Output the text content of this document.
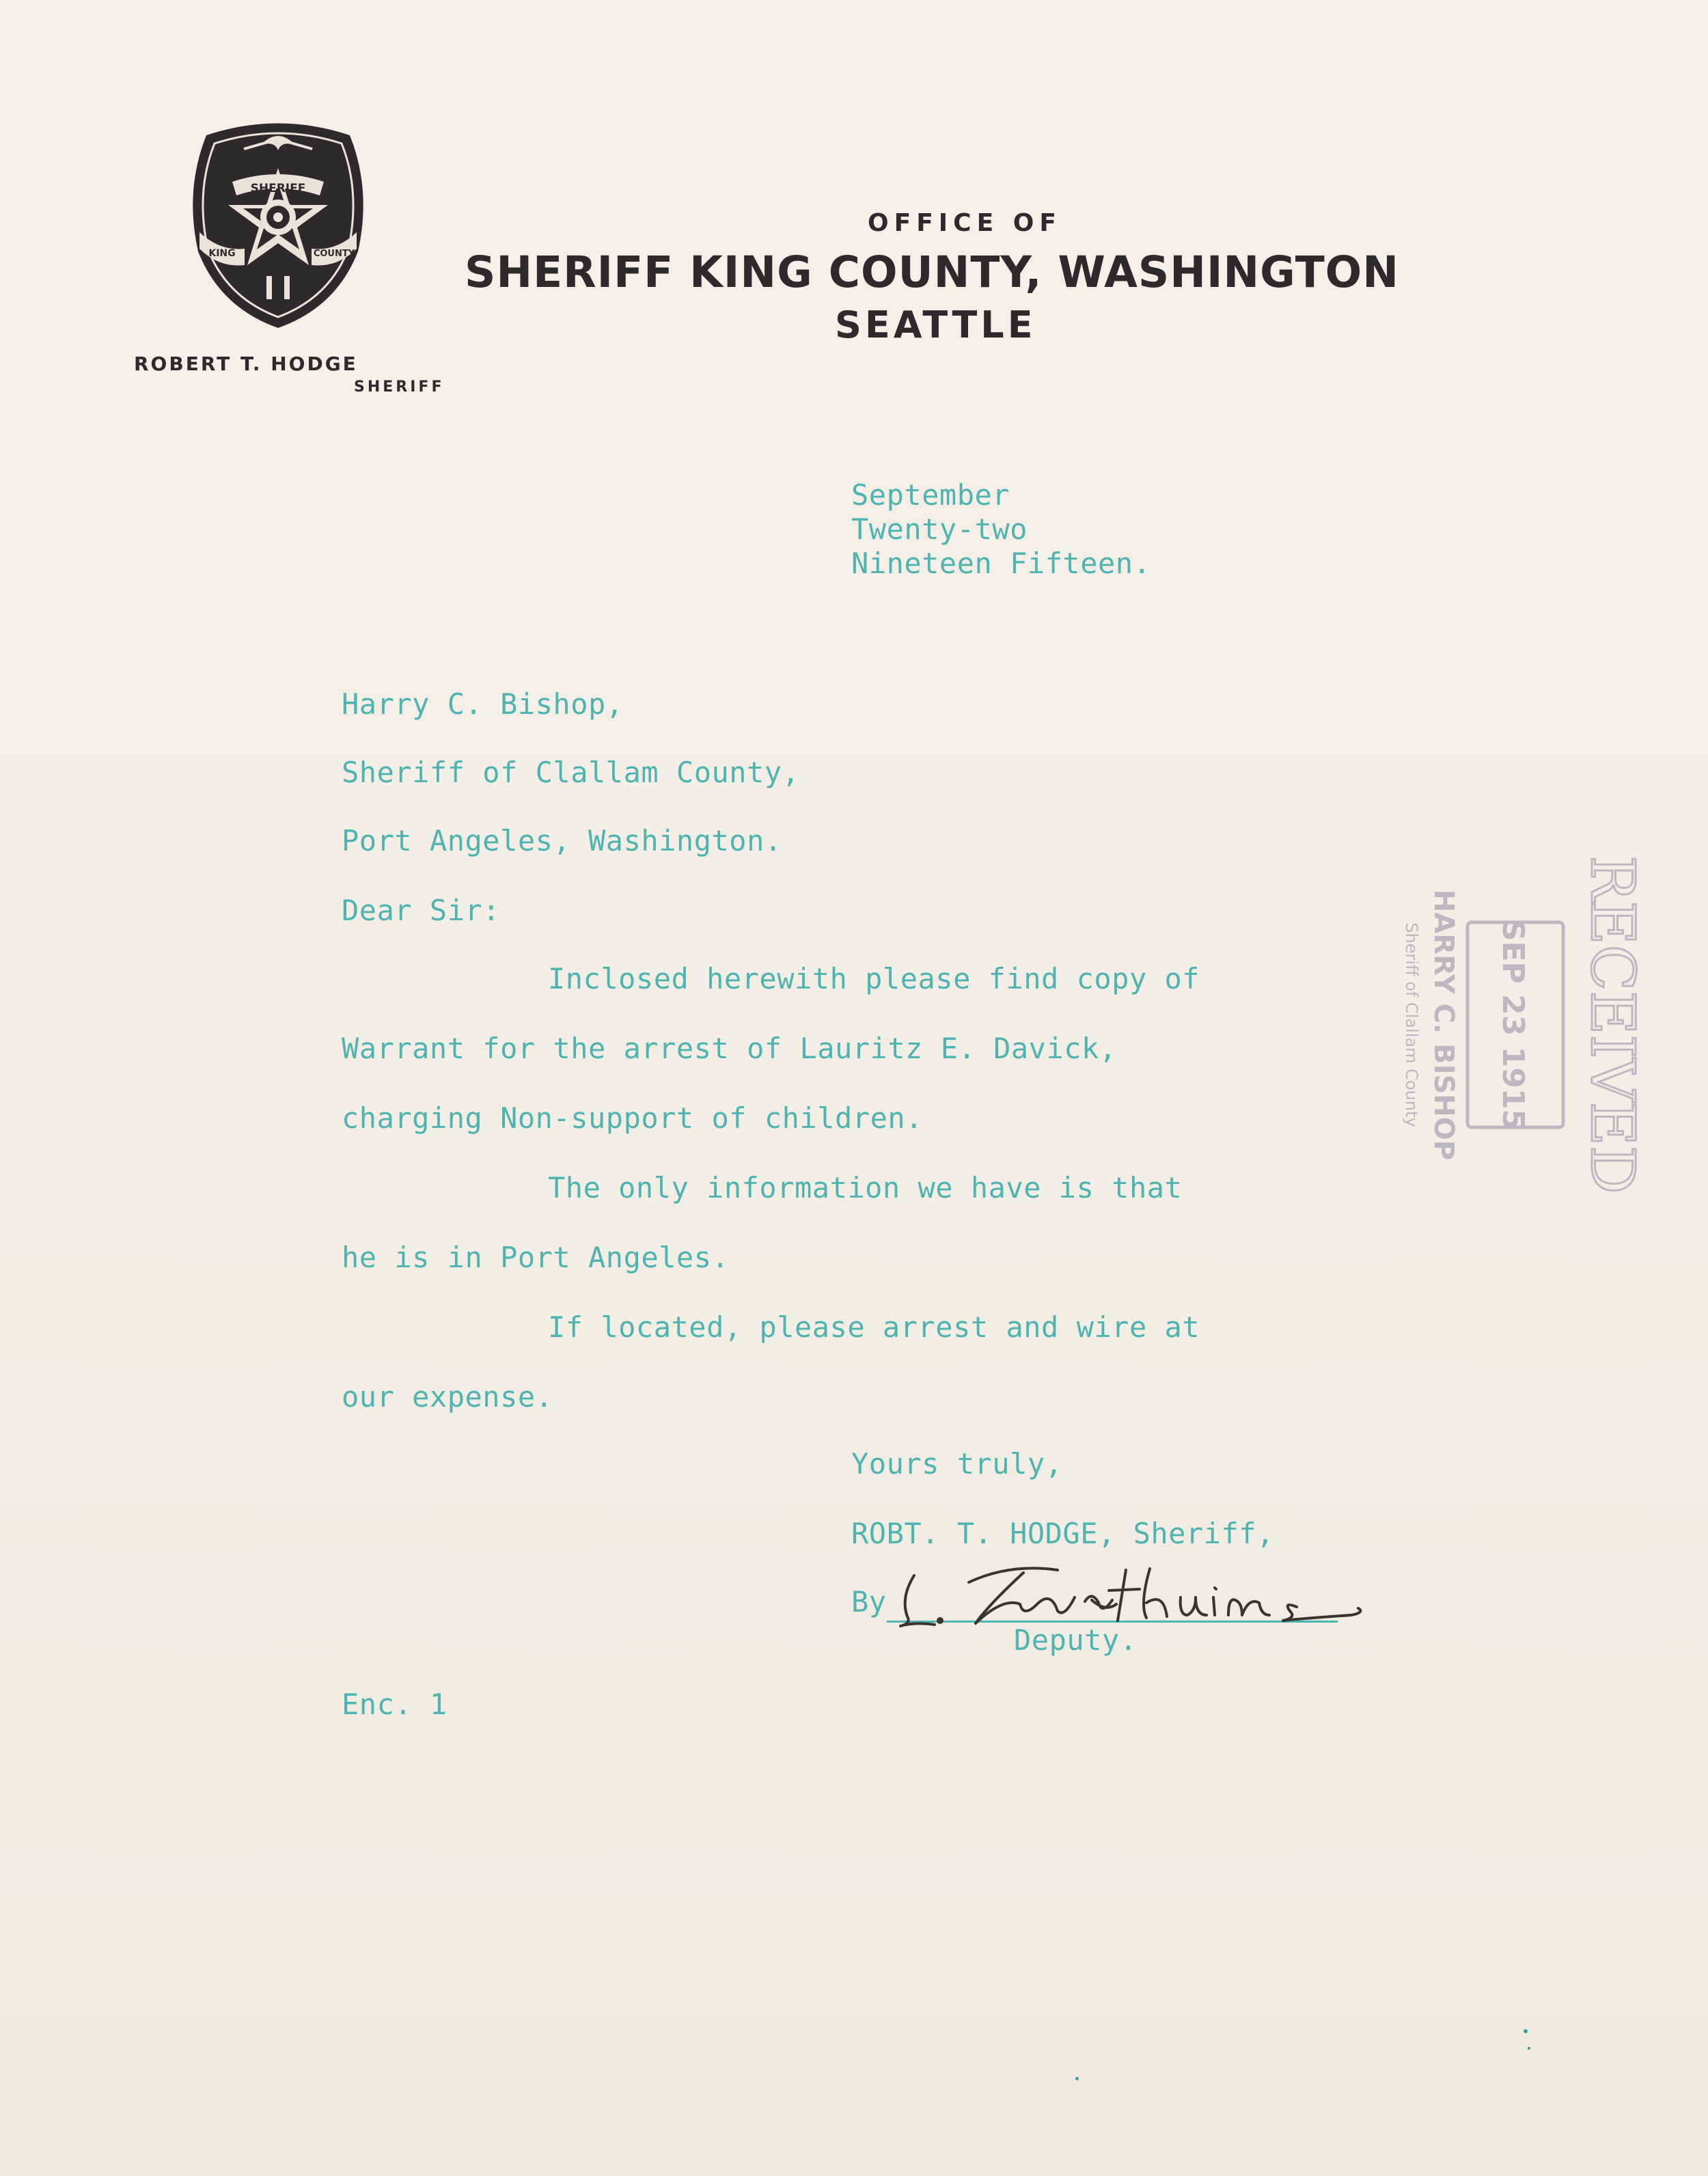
SHERIFF
KING	COUNTY
OFFICE OF
SHERIFF KING COUNTY, WASHINGTON
SEATTLE
ROBERT T. HODGE
SHERIFF
September
Twenty-two
Nineteen Fifteen.
Harry C. Bishop,
Sheriff of Clallam County,
Port Angeles, Washington.
Dear Sir:
Inclosed herewith please find copy of
Warrant for the arrest of Lauritz E. Davick,
charging Non-support of children.
The only information we have is that
he is in Port Angeles.
If located, please arrest and wire at
our expense.
Yours truly,
ROBT. T. HODGE, Sheriff,
By
Deputy.
Enc. 1
RECEIVED
SEP 23 1915
HARRY C. BISHOP
Sheriff of Clallam County
